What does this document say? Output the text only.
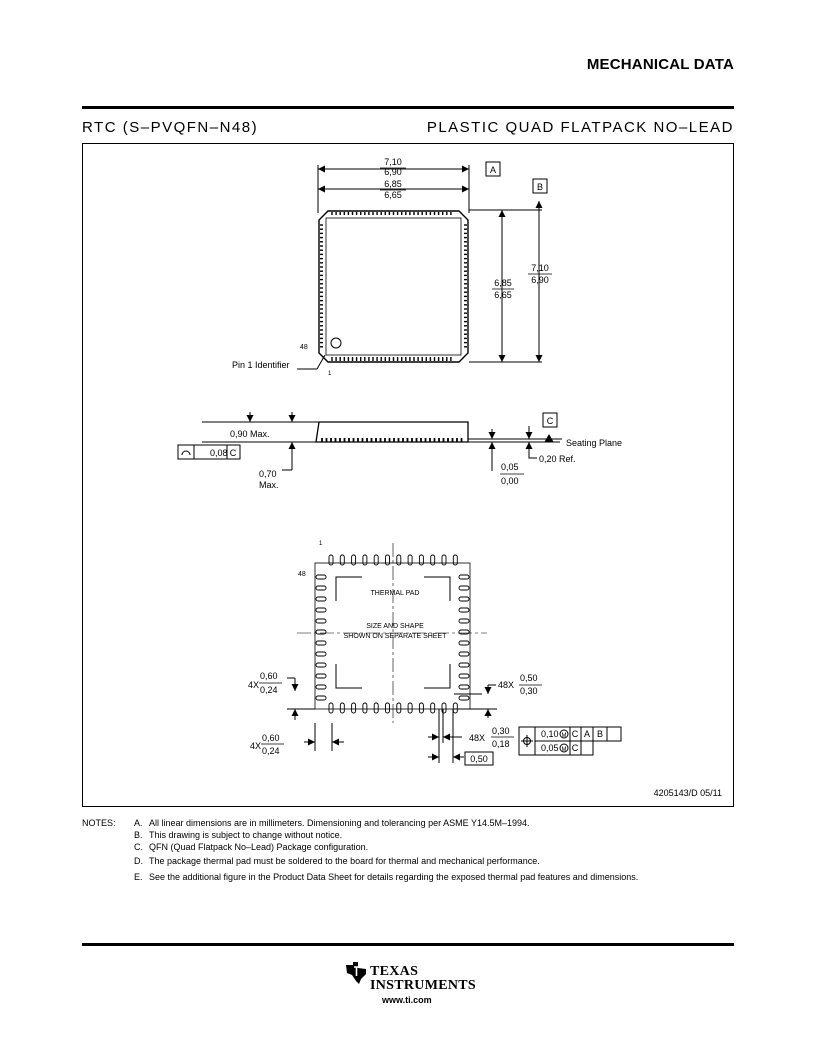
MECHANICAL DATA
RTC (S–PVQFN–N48)	PLASTIC QUAD FLATPACK NO–LEAD
7,10
6,90
6,85
6,65
A
B
6,85
6,65
7,10
6,90
48
1
Pin 1 Identifier
0,90 Max.
0,08 C
0,70
Max.
C
Seating Plane
0,20 Ref.
0,05
0,00
1
48
THERMAL PAD
SIZE AND SHAPE
SHOWN ON SEPARATE SHEET
4X
0,60
0,24
4X
0,60
0,24
48X
0,50
0,30
48X
0,30
0,18
0,10 M C A B
0,05 M C
0,50
4205143/D 05/11
NOTES: A. All linear dimensions are in millimeters. Dimensioning and tolerancing per ASME Y14.5M–1994.
B. This drawing is subject to change without notice.
C. QFN (Quad Flatpack No–Lead) Package configuration.
D. The package thermal pad must be soldered to the board for thermal and mechanical performance.
E. See the additional figure in the Product Data Sheet for details regarding the exposed thermal pad features and dimensions.
TEXAS
INSTRUMENTS
www.ti.com
